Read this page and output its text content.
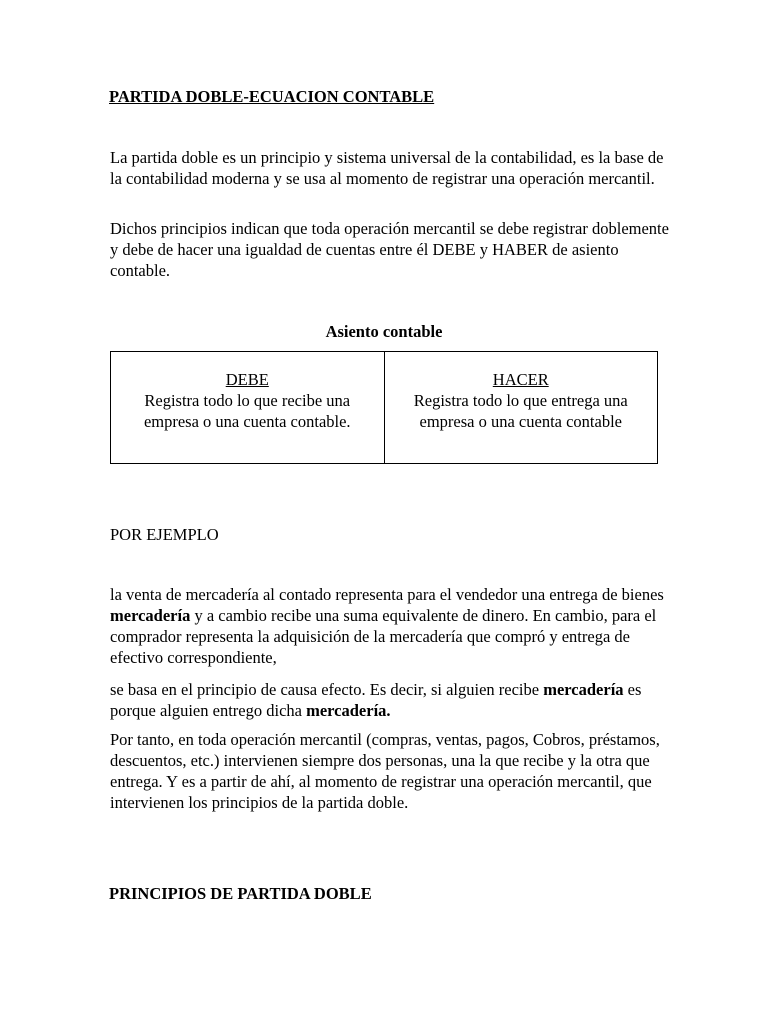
PARTIDA DOBLE-ECUACION CONTABLE

La partida doble es un principio y sistema universal de la contabilidad, es la base de la contabilidad moderna y se usa al momento de registrar una operación mercantil.

Dichos principios indican que toda operación mercantil se debe registrar doblemente y debe de hacer una igualdad de cuentas entre él DEBE y HABER de asiento contable.

Asiento contable

DEBE
Registra todo lo que recibe una empresa o una cuenta contable.
HACER
Registra todo lo que entrega una empresa o una cuenta contable

POR EJEMPLO

la venta de mercadería al contado representa para el vendedor una entrega de bienes mercadería y a cambio recibe una suma equivalente de dinero. En cambio, para el comprador representa la adquisición de la mercadería que compró y entrega de efectivo correspondiente,

se basa en el principio de causa efecto. Es decir, si alguien recibe mercadería es porque alguien entrego dicha mercadería.

Por tanto, en toda operación mercantil (compras, ventas, pagos, Cobros, préstamos, descuentos, etc.) intervienen siempre dos personas, una la que recibe y la otra que entrega. Y es a partir de ahí, al momento de registrar una operación mercantil, que intervienen los principios de la partida doble.

PRINCIPIOS DE PARTIDA DOBLE
